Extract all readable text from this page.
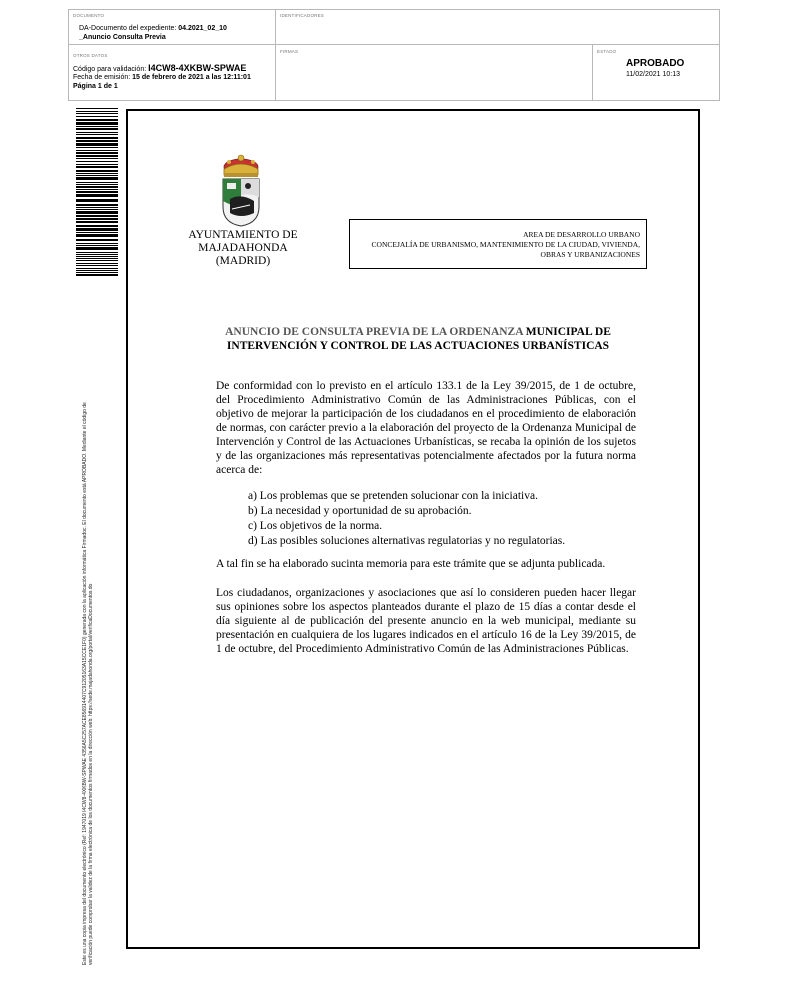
DOCUMENTO
DA-Documento del expediente: 04.2021_02_10
_Anuncio Consulta Previa
IDENTIFICADORES
OTROS DATOS
Código para validación: I4CW8-4XKBW-SPWAE
Fecha de emisión: 15 de febrero de 2021 a las 12:11:01
Página 1 de 1
FIRMAS	ESTADO
APROBADO
11/02/2021 10:13
Este es una copia impresa del documento electrónico (Ref: 1947019 I4CW8-4XKBW-SPWAE 4356A5C257ACE856914407C91205163A15CCE1F0) generada con la aplicación informática Firmadoc. El documento está APROBADO. Mediante el código de verificación puede comprobar la validez de la firma electrónica de los documentos firmados en la dirección web: https://sede.majadahonda.org/portal/verificaDocumentos.do
AYUNTAMIENTO DE
MAJADAHONDA
(MADRID)
AREA DE DESARROLLO URBANO
CONCEJALÍA DE URBANISMO, MANTENIMIENTO DE LA CIUDAD, VIVIENDA,
OBRAS Y URBANIZACIONES
ANUNCIO DE CONSULTA PREVIA DE LA ORDENANZA MUNICIPAL DE
INTERVENCIÓN Y CONTROL DE LAS ACTUACIONES URBANÍSTICAS
De conformidad con lo previsto en el artículo 133.1 de la Ley 39/2015, de 1 de octubre, del Procedimiento Administrativo Común de las Administraciones Públicas, con el objetivo de mejorar la participación de los ciudadanos en el procedimiento de elaboración de normas, con carácter previo a la elaboración del proyecto de la Ordenanza Municipal de Intervención y Control de las Actuaciones Urbanísticas, se recaba la opinión de los sujetos y de las organizaciones más representativas potencialmente afectados por la futura norma acerca de:
a) Los problemas que se pretenden solucionar con la iniciativa.
b) La necesidad y oportunidad de su aprobación.
c) Los objetivos de la norma.
d) Las posibles soluciones alternativas regulatorias y no regulatorias.
A tal fin se ha elaborado sucinta memoria para este trámite que se adjunta publicada.
Los ciudadanos, organizaciones y asociaciones que así lo consideren pueden hacer llegar sus opiniones sobre los aspectos planteados durante el plazo de 15 días a contar desde el día siguiente al de publicación del presente anuncio en la web municipal, mediante su presentación en cualquiera de los lugares indicados en el artículo 16 de la Ley 39/2015, de 1 de octubre, del Procedimiento Administrativo Común de las Administraciones Públicas.
